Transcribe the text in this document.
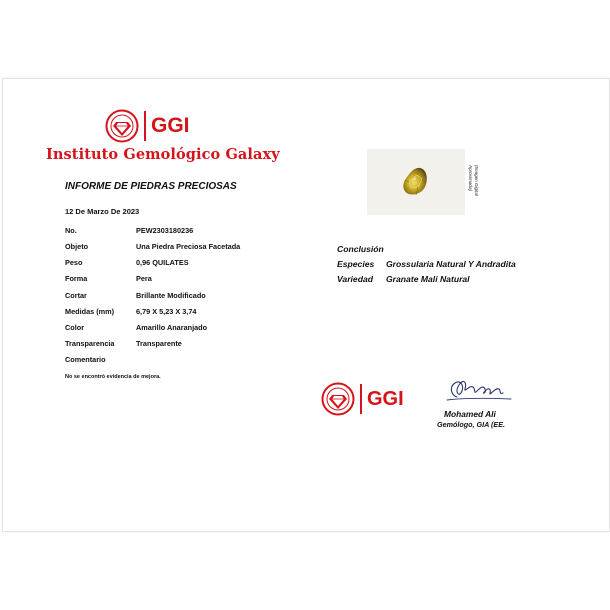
GGI
Instituto Gemológico Galaxy
INFORME DE PIEDRAS PRECIOSAS
12 De Marzo De 2023
No.	PEW2303180236
Objeto	Una Piedra Preciosa Facetada
Peso	0,96 QUILATES
Forma	Pera
Cortar	Brillante Modificado
Medidas (mm)	6,79 X 5,23 X 3,74
Color	Amarillo Anaranjado
Transparencia	Transparente
Comentario
No se encontró evidencia de mejora.
(Imagen Digital
Aproximada)
Conclusión
Especies Grossularia Natural Y Andradita
Variedad Granate Mali Natural
GGI
Mohamed Ali
Gemólogo, GIA (EE.
